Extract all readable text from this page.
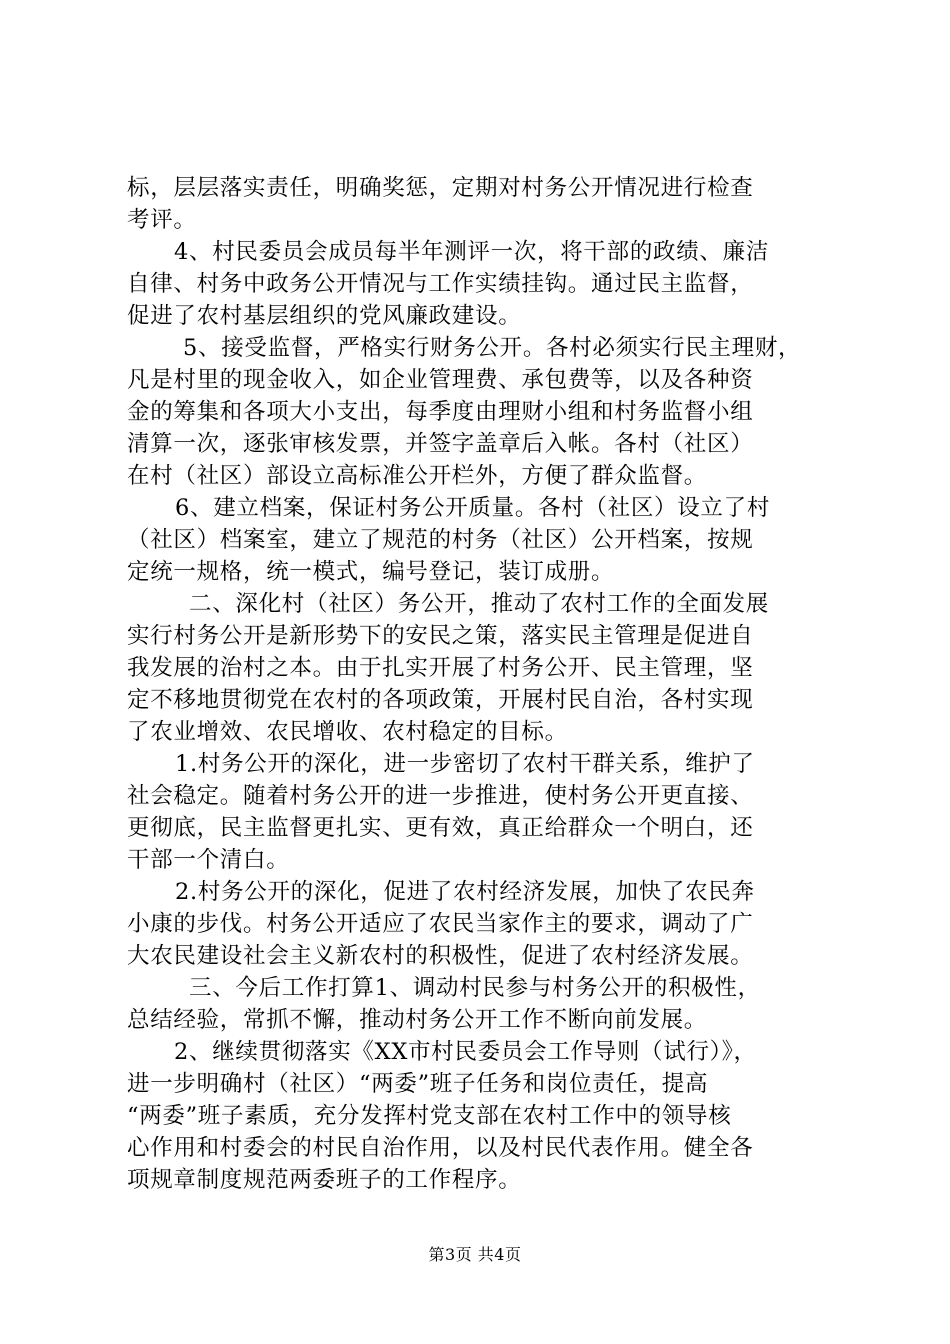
标，层层落实责任，明确奖惩，定期对村务公开情况进行检查
考评。
4、村民委员会成员每半年测评一次，将干部的政绩、廉洁
自律、村务中政务公开情况与工作实绩挂钩。通过民主监督，
促进了农村基层组织的党风廉政建设。
5、接受监督，严格实行财务公开。各村必须实行民主理财，
凡是村里的现金收入，如企业管理费、承包费等，以及各种资
金的筹集和各项大小支出，每季度由理财小组和村务监督小组
清算一次，逐张审核发票，并签字盖章后入帐。各村（社区）
在村（社区）部设立高标准公开栏外，方便了群众监督。
6、建立档案，保证村务公开质量。各村（社区）设立了村
（社区）档案室，建立了规范的村务（社区）公开档案，按规
定统一规格，统一模式，编号登记，装订成册。
二、深化村（社区）务公开，推动了农村工作的全面发展
实行村务公开是新形势下的安民之策，落实民主管理是促进自
我发展的治村之本。由于扎实开展了村务公开、民主管理，坚
定不移地贯彻党在农村的各项政策，开展村民自治，各村实现
了农业增效、农民增收、农村稳定的目标。
1.村务公开的深化，进一步密切了农村干群关系，维护了
社会稳定。随着村务公开的进一步推进，使村务公开更直接、
更彻底，民主监督更扎实、更有效，真正给群众一个明白，还
干部一个清白。
2.村务公开的深化，促进了农村经济发展，加快了农民奔
小康的步伐。村务公开适应了农民当家作主的要求，调动了广
大农民建设社会主义新农村的积极性，促进了农村经济发展。
三、今后工作打算1、调动村民参与村务公开的积极性，
总结经验，常抓不懈，推动村务公开工作不断向前发展。
2、继续贯彻落实《XX市村民委员会工作导则（试行）》，
进一步明确村（社区）“两委”班子任务和岗位责任，提高
“两委”班子素质，充分发挥村党支部在农村工作中的领导核
心作用和村委会的村民自治作用，以及村民代表作用。健全各
项规章制度规范两委班子的工作程序。
第3页 共4页
